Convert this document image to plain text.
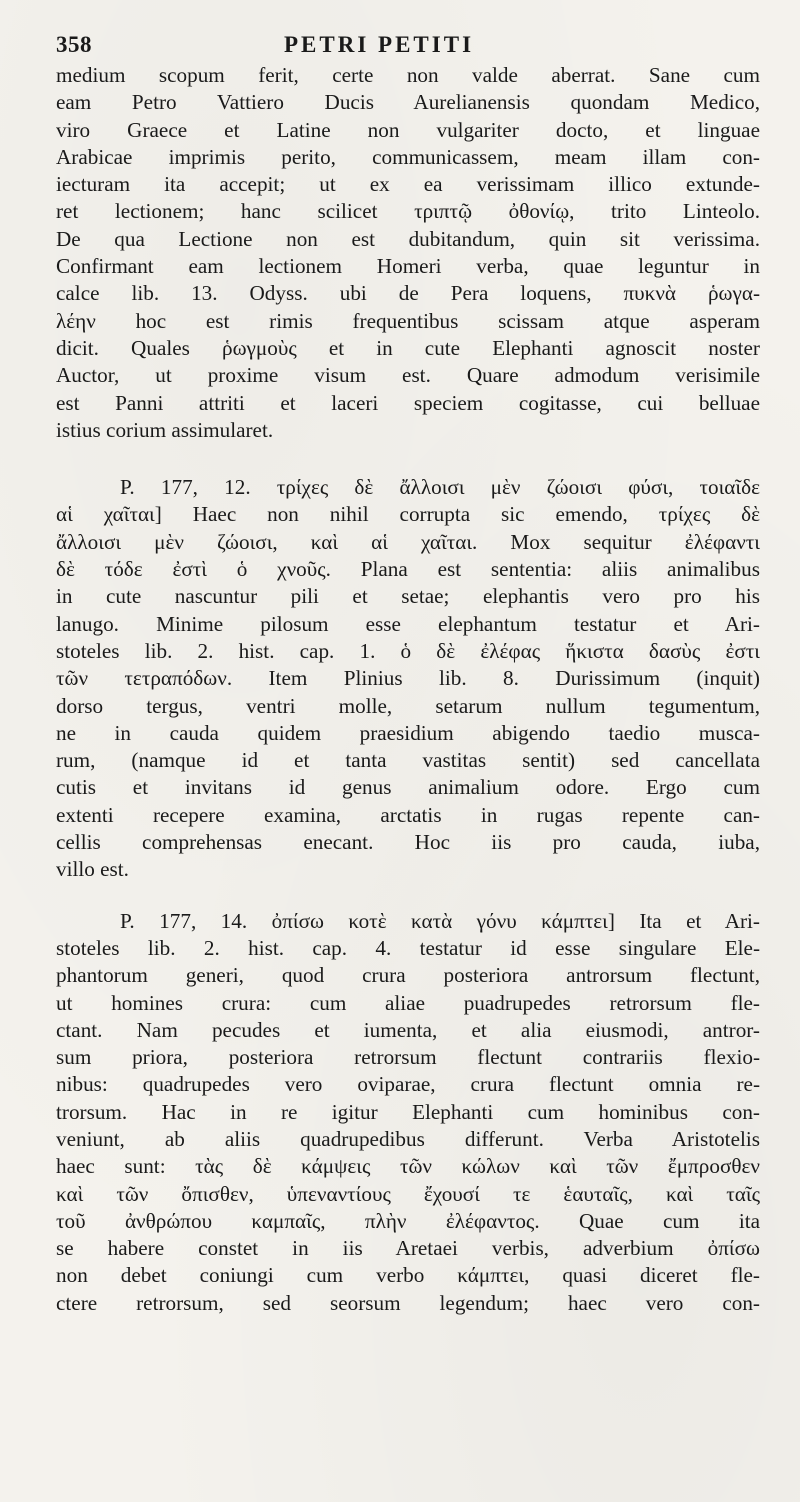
358	PETRI PETITI
medium scopum ferit, certe non valde aberrat. Sane cum
eam Petro Vattiero Ducis Aurelianensis quondam Medico,
viro Graece et Latine non vulgariter docto, et linguae
Arabicae imprimis perito, communicassem, meam illam con-
iecturam ita accepit; ut ex ea verissimam illico extunde-
ret lectionem; hanc scilicet τριπτῷ ὀθονίῳ, trito Linteolo.
De qua Lectione non est dubitandum, quin sit verissima.
Confirmant eam lectionem Homeri verba, quae leguntur in
calce lib. 13. Odyss. ubi de Pera loquens, πυκνὰ ῥωγα-
λέην hoc est rimis frequentibus scissam atque asperam
dicit. Quales ῥωγμοὺς et in cute Elephanti agnoscit noster
Auctor, ut proxime visum est. Quare admodum verisimile
est Panni attriti et laceri speciem cogitasse, cui belluae
istius corium assimularet.
P. 177, 12. τρίχες δὲ ἄλλοισι μὲν ζώοισι φύσι, τοιαῖδε
αἱ χαῖται] Haec non nihil corrupta sic emendo, τρίχες δὲ
ἄλλοισι μὲν ζώοισι, καὶ αἱ χαῖται. Mox sequitur ἐλέφαντι
δὲ τόδε ἐστὶ ὁ χνοῦς. Plana est sententia: aliis animalibus
in cute nascuntur pili et setae; elephantis vero pro his
lanugo. Minime pilosum esse elephantum testatur et Ari-
stoteles lib. 2. hist. cap. 1. ὁ δὲ ἐλέφας ἥκιστα δασὺς ἐστι
τῶν τετραπόδων. Item Plinius lib. 8. Durissimum (inquit)
dorso tergus, ventri molle, setarum nullum tegumentum,
ne in cauda quidem praesidium abigendo taedio musca-
rum, (namque id et tanta vastitas sentit) sed cancellata
cutis et invitans id genus animalium odore. Ergo cum
extenti recepere examina, arctatis in rugas repente can-
cellis comprehensas enecant. Hoc iis pro cauda, iuba,
villo est.
P. 177, 14. ὀπίσω κοτὲ κατὰ γόνυ κάμπτει] Ita et Ari-
stoteles lib. 2. hist. cap. 4. testatur id esse singulare Ele-
phantorum generi, quod crura posteriora antrorsum flectunt,
ut homines crura: cum aliae puadrupedes retrorsum fle-
ctant. Nam pecudes et iumenta, et alia eiusmodi, antror-
sum priora, posteriora retrorsum flectunt contrariis flexio-
nibus: quadrupedes vero oviparae, crura flectunt omnia re-
trorsum. Hac in re igitur Elephanti cum hominibus con-
veniunt, ab aliis quadrupedibus differunt. Verba Aristotelis
haec sunt: τὰς δὲ κάμψεις τῶν κώλων καὶ τῶν ἔμπροσθεν
καὶ τῶν ὄπισθεν, ὑπεναντίους ἔχουσί τε ἑαυταῖς, καὶ ταῖς
τοῦ ἀνθρώπου καμπαῖς, πλὴν ἐλέφαντος. Quae cum ita
se habere constet in iis Aretaei verbis, adverbium ὀπίσω
non debet coniungi cum verbo κάμπτει, quasi diceret fle-
ctere retrorsum, sed seorsum legendum; haec vero con-
